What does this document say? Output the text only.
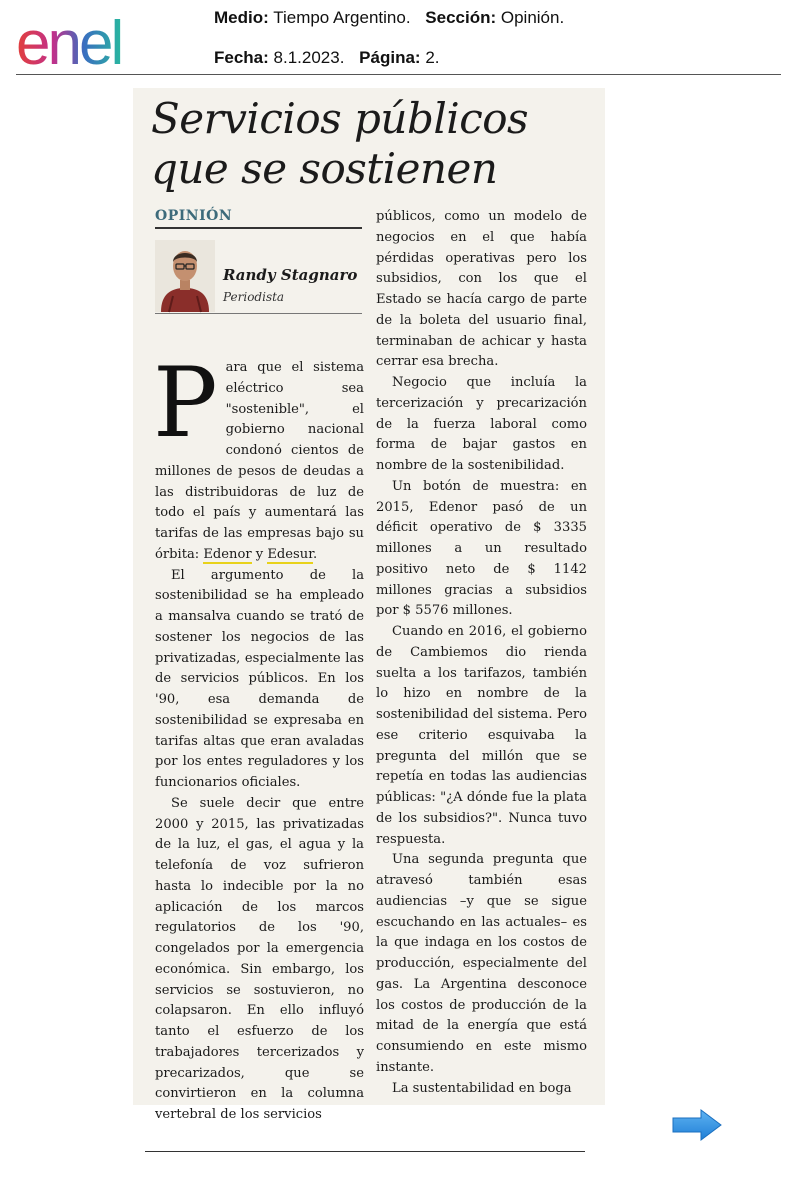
enel	Medio: Tiempo Argentino. Sección: Opinión.
Fecha: 8.1.2023. Página: 2.
Servicios públicos
que se sostienen
OPINIÓN
Randy Stagnaro
Periodista

Para que el sistema eléctrico sea "sostenible", el gobierno nacional condonó cientos de millones de pesos de deudas a las distribuidoras de luz de todo el país y aumentará las tarifas de las empresas bajo su órbita: Edenor y Edesur.

El argumento de la sostenibilidad se ha empleado a mansalva cuando se trató de sostener los negocios de las privatizadas, especialmente las de servicios públicos. En los '90, esa demanda de sostenibilidad se expresaba en tarifas altas que eran avaladas por los entes reguladores y los funcionarios oficiales.

Se suele decir que entre 2000 y 2015, las privatizadas de la luz, el gas, el agua y la telefonía de voz sufrieron hasta lo indecible por la no aplicación de los marcos regulatorios de los '90, congelados por la emergencia económica. Sin embargo, los servicios se sostuvieron, no colapsaron. En ello influyó tanto el esfuerzo de los trabajadores tercerizados y precarizados, que se convirtieron en la columna vertebral de los servicios

públicos, como un modelo de negocios en el que había pérdidas operativas pero los subsidios, con los que el Estado se hacía cargo de parte de la boleta del usuario final, terminaban de achicar y hasta cerrar esa brecha.

Negocio que incluía la tercerización y precarización de la fuerza laboral como forma de bajar gastos en nombre de la sostenibilidad.

Un botón de muestra: en 2015, Edenor pasó de un déficit operativo de $ 3335 millones a un resultado positivo neto de $ 1142 millones gracias a subsidios por $ 5576 millones.

Cuando en 2016, el gobierno de Cambiemos dio rienda suelta a los tarifazos, también lo hizo en nombre de la sostenibilidad del sistema. Pero ese criterio esquivaba la pregunta del millón que se repetía en todas las audiencias públicas: "¿A dónde fue la plata de los subsidios?". Nunca tuvo respuesta.

Una segunda pregunta que atravesó también esas audiencias –y que se sigue escuchando en las actuales– es la que indaga en los costos de producción, especialmente del gas. La Argentina desconoce los costos de producción de la mitad de la energía que está consumiendo en este mismo instante.

La sustentabilidad en boga
